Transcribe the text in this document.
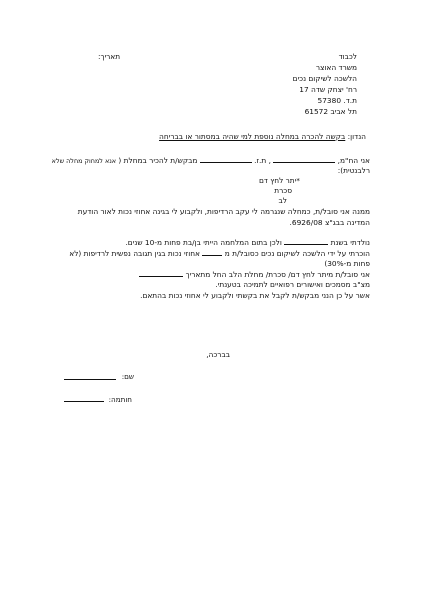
תאריך:	לכבוד
משרד האוצר
הלשכה לשיקום נכים
רח' יצחק שדה 17
ת.ד. 57380
תל אביב 61572
הנדון: בקשה להכרה במחלה נוספת למי שהיה במסתור או בבריחה
אני הח"מ,  , ת.ז.  מבקש/ת להכיר במחלת ( אנא למחוק מחלה שלא
רלבנטית):
*יתר לחץ דם
סכרת
לב
ממנה אני סובל/ת, כמחלה שנגרמה לי עקב הרדיפות, ולקבוע לי בגינה אחוזי נכות לאור הודעת
המדינה בבג"צ 6926/08.
נולדתי בשנת  ולכן בתום המלחמה הייתי בן/בת פחות מ-10 שנים.
הוכרתי על ידי הלשכה לשיקום נכים כסובל/ת מ  אחוזי נכות בגין תגובה נפשית לרדיפות (לא
פחות מ-30%)
אני סובל/ת מיתר לחץ דם/ סכרת/ מחלת הלב החל מתאריך
מצ"ב מסמכים ואישורים רפואיים לתמיכה בטענתי.
אשר על כן הנני מבקש/ת לקבל את בקשתי ולקבוע לי אחוזי נכות בהתאם.
בברכה,
שם:
חותמה:
